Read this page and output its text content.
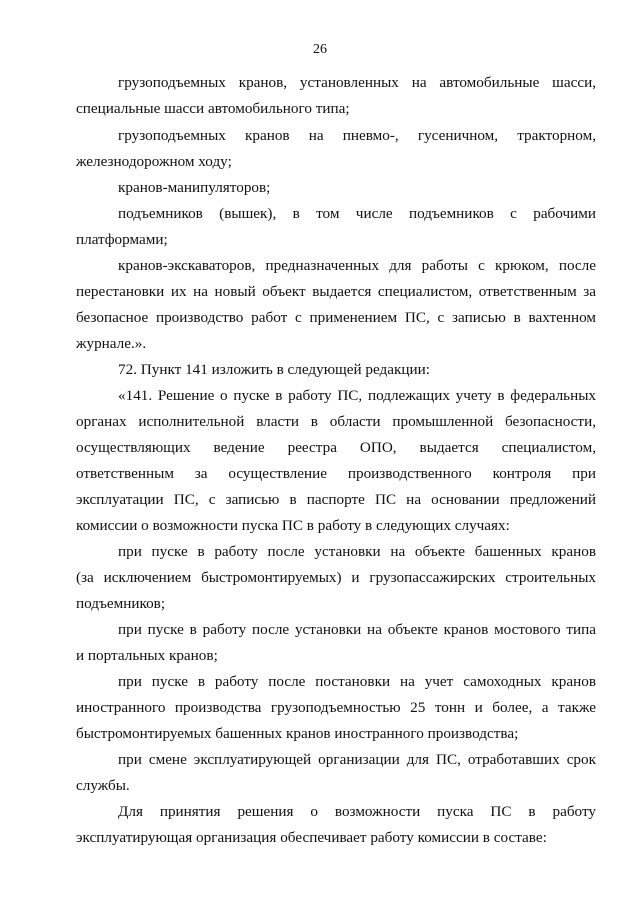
26
грузоподъемных кранов, установленных на автомобильные шасси,
специальные шасси автомобильного типа;
грузоподъемных кранов на пневмо-, гусеничном, тракторном,
железнодорожном ходу;
кранов-манипуляторов;
подъемников (вышек), в том числе подъемников с рабочими
платформами;
кранов-экскаваторов, предназначенных для работы с крюком, после
перестановки их на новый объект выдается специалистом, ответственным за
безопасное производство работ с применением ПС, с записью в вахтенном
журнале.».
72. Пункт 141 изложить в следующей редакции:
«141. Решение о пуске в работу ПС, подлежащих учету в федеральных
органах исполнительной власти в области промышленной безопасности,
осуществляющих ведение реестра ОПО, выдается специалистом,
ответственным за осуществление производственного контроля при
эксплуатации ПС, с записью в паспорте ПС на основании предложений
комиссии о возможности пуска ПС в работу в следующих случаях:
при пуске в работу после установки на объекте башенных кранов
(за исключением быстромонтируемых) и грузопассажирских строительных
подъемников;
при пуске в работу после установки на объекте кранов мостового типа
и портальных кранов;
при пуске в работу после постановки на учет самоходных кранов
иностранного производства грузоподъемностью 25 тонн и более, а также
быстромонтируемых башенных кранов иностранного производства;
при смене эксплуатирующей организации для ПС, отработавших срок
службы.
Для принятия решения о возможности пуска ПС в работу
эксплуатирующая организация обеспечивает работу комиссии в составе:
